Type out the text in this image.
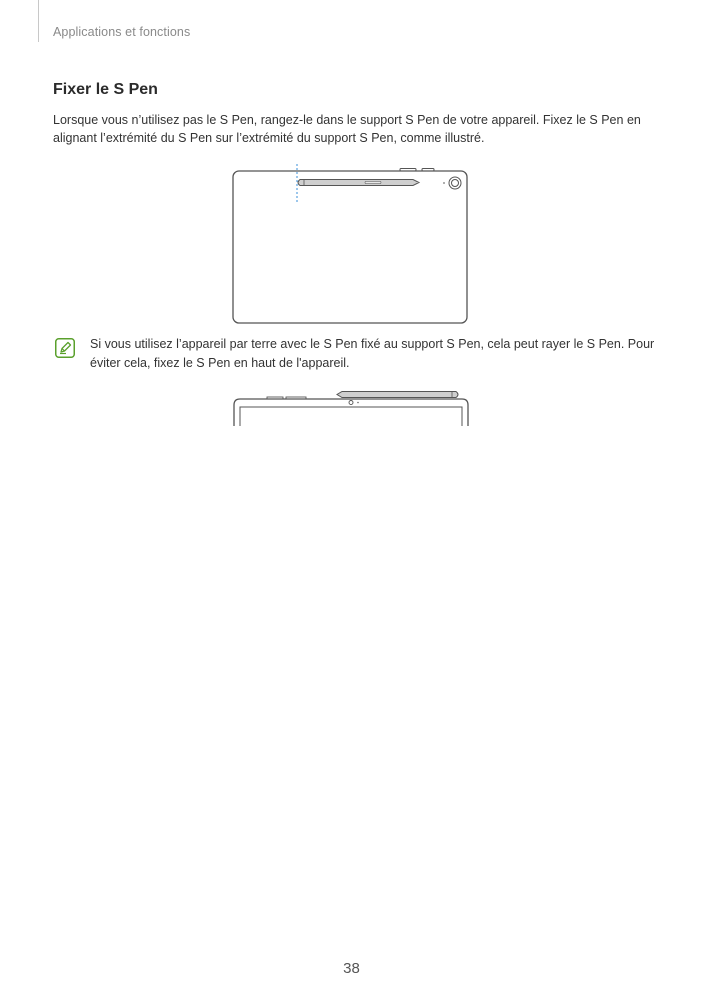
Applications et fonctions
Fixer le S Pen

Lorsque vous n’utilisez pas le S Pen, rangez-le dans le support S Pen de votre appareil. Fixez le S Pen en alignant l’extrémité du S Pen sur l’extrémité du support S Pen, comme illustré.

Si vous utilisez l’appareil par terre avec le S Pen fixé au support S Pen, cela peut rayer le S Pen. Pour éviter cela, fixez le S Pen en haut de l'appareil.

38
